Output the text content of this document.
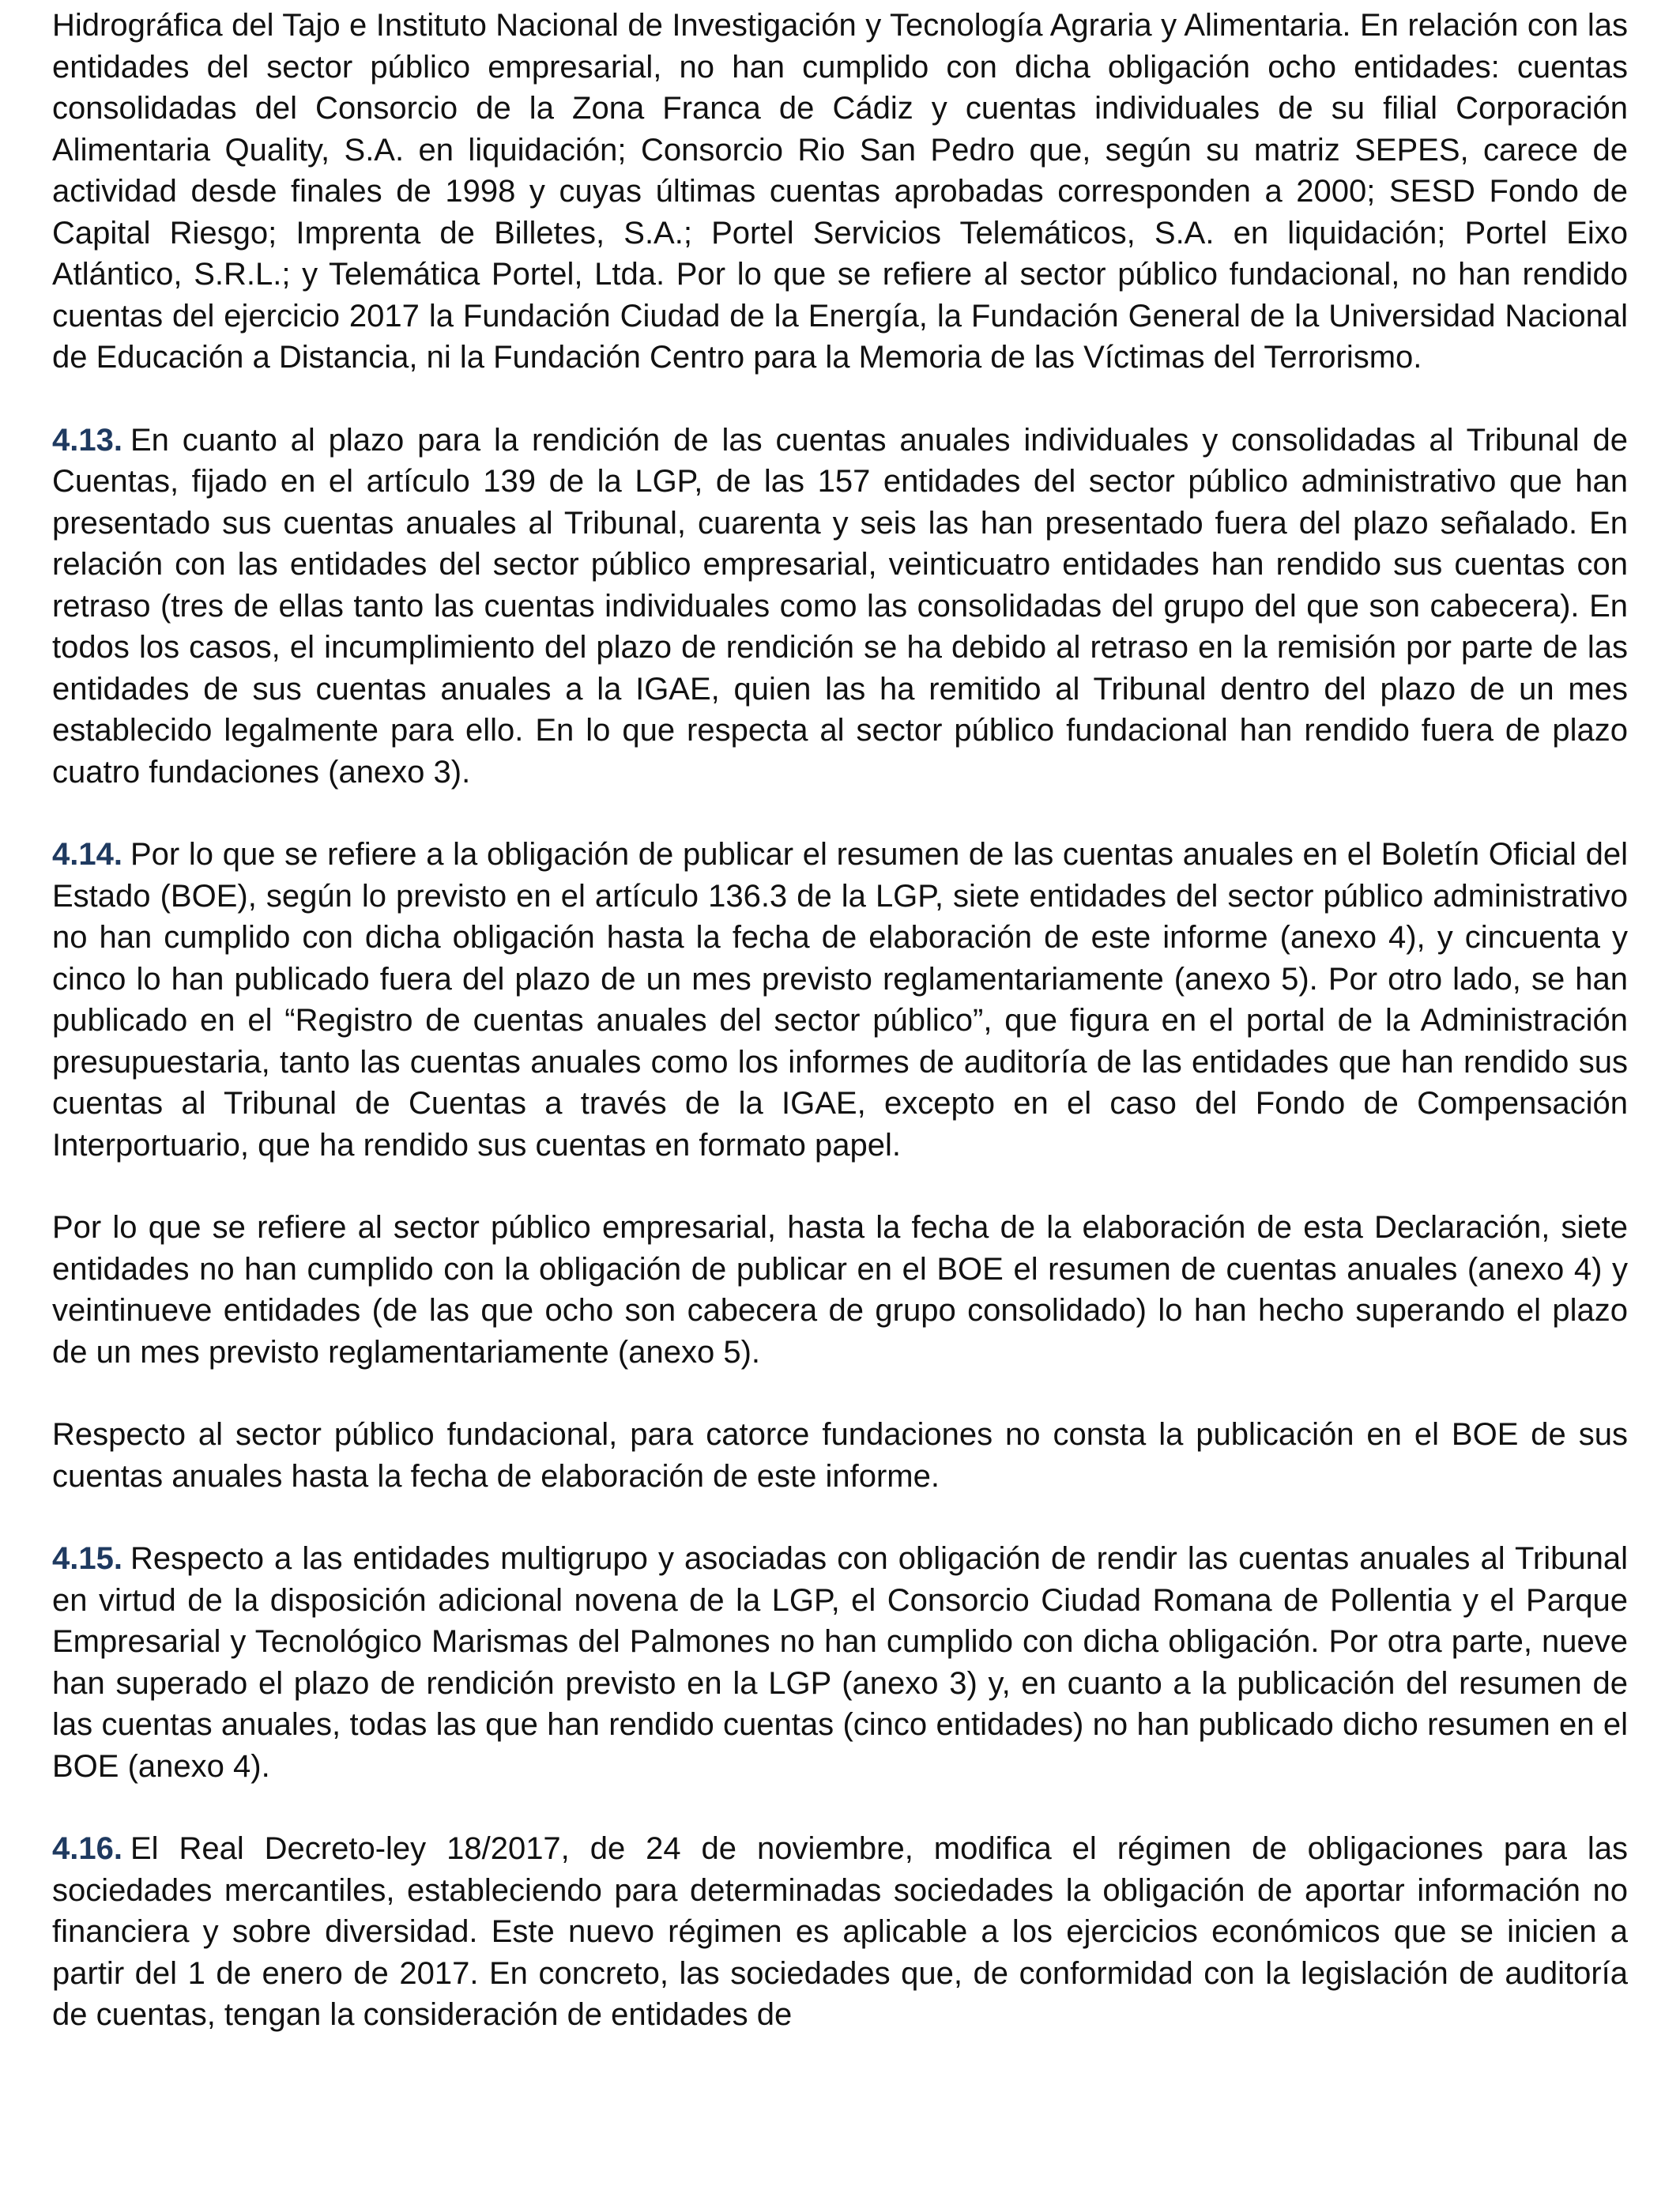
Hidrográfica del Tajo e Instituto Nacional de Investigación y Tecnología Agraria y Alimentaria. En relación con las entidades del sector público empresarial, no han cumplido con dicha obligación ocho entidades: cuentas consolidadas del Consorcio de la Zona Franca de Cádiz y cuentas individuales de su filial Corporación Alimentaria Quality, S.A. en liquidación; Consorcio Rio San Pedro que, según su matriz SEPES, carece de actividad desde finales de 1998 y cuyas últimas cuentas aprobadas corresponden a 2000; SESD Fondo de Capital Riesgo; Imprenta de Billetes, S.A.; Portel Servicios Telemáticos, S.A. en liquidación; Portel Eixo Atlántico, S.R.L.; y Telemática Portel, Ltda. Por lo que se refiere al sector público fundacional, no han rendido cuentas del ejercicio 2017 la Fundación Ciudad de la Energía, la Fundación General de la Universidad Nacional de Educación a Distancia, ni la Fundación Centro para la Memoria de las Víctimas del Terrorismo.

4.13. En cuanto al plazo para la rendición de las cuentas anuales individuales y consolidadas al Tribunal de Cuentas, fijado en el artículo 139 de la LGP, de las 157 entidades del sector público administrativo que han presentado sus cuentas anuales al Tribunal, cuarenta y seis las han presentado fuera del plazo señalado. En relación con las entidades del sector público empresarial, veinticuatro entidades han rendido sus cuentas con retraso (tres de ellas tanto las cuentas individuales como las consolidadas del grupo del que son cabecera). En todos los casos, el incumplimiento del plazo de rendición se ha debido al retraso en la remisión por parte de las entidades de sus cuentas anuales a la IGAE, quien las ha remitido al Tribunal dentro del plazo de un mes establecido legalmente para ello. En lo que respecta al sector público fundacional han rendido fuera de plazo cuatro fundaciones (anexo 3).

4.14. Por lo que se refiere a la obligación de publicar el resumen de las cuentas anuales en el Boletín Oficial del Estado (BOE), según lo previsto en el artículo 136.3 de la LGP, siete entidades del sector público administrativo no han cumplido con dicha obligación hasta la fecha de elaboración de este informe (anexo 4), y cincuenta y cinco lo han publicado fuera del plazo de un mes previsto reglamentariamente (anexo 5). Por otro lado, se han publicado en el “Registro de cuentas anuales del sector público”, que figura en el portal de la Administración presupuestaria, tanto las cuentas anuales como los informes de auditoría de las entidades que han rendido sus cuentas al Tribunal de Cuentas a través de la IGAE, excepto en el caso del Fondo de Compensación Interportuario, que ha rendido sus cuentas en formato papel.

Por lo que se refiere al sector público empresarial, hasta la fecha de la elaboración de esta Declaración, siete entidades no han cumplido con la obligación de publicar en el BOE el resumen de cuentas anuales (anexo 4) y veintinueve entidades (de las que ocho son cabecera de grupo consolidado) lo han hecho superando el plazo de un mes previsto reglamentariamente (anexo 5).

Respecto al sector público fundacional, para catorce fundaciones no consta la publicación en el BOE de sus cuentas anuales hasta la fecha de elaboración de este informe.

4.15. Respecto a las entidades multigrupo y asociadas con obligación de rendir las cuentas anuales al Tribunal en virtud de la disposición adicional novena de la LGP, el Consorcio Ciudad Romana de Pollentia y el Parque Empresarial y Tecnológico Marismas del Palmones no han cumplido con dicha obligación. Por otra parte, nueve han superado el plazo de rendición previsto en la LGP (anexo 3) y, en cuanto a la publicación del resumen de las cuentas anuales, todas las que han rendido cuentas (cinco entidades) no han publicado dicho resumen en el BOE (anexo 4).

4.16. El Real Decreto-ley 18/2017, de 24 de noviembre, modifica el régimen de obligaciones para las sociedades mercantiles, estableciendo para determinadas sociedades la obligación de aportar información no financiera y sobre diversidad. Este nuevo régimen es aplicable a los ejercicios económicos que se inicien a partir del 1 de enero de 2017. En concreto, las sociedades que, de conformidad con la legislación de auditoría de cuentas, tengan la consideración de entidades de
